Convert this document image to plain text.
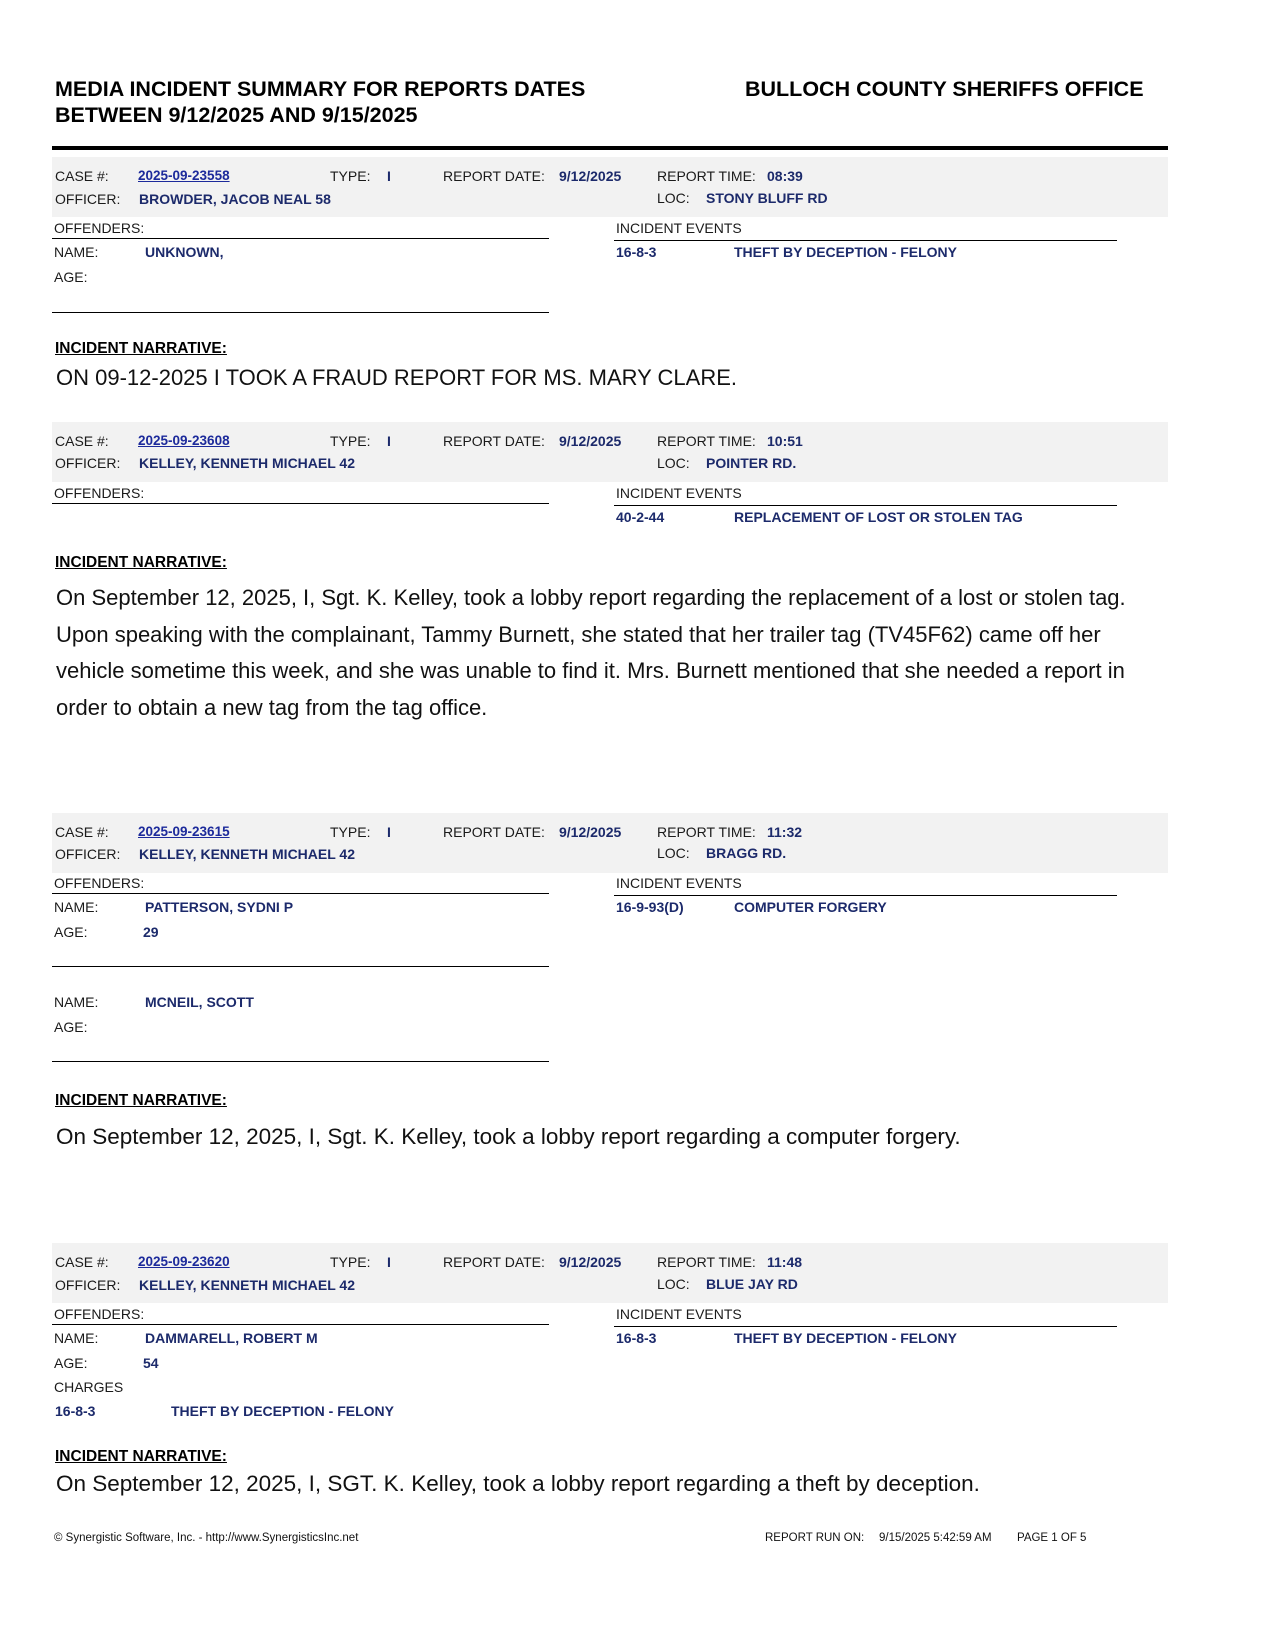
MEDIA INCIDENT SUMMARY FOR REPORTS DATES BETWEEN 9/12/2025 AND 9/15/2025
BULLOCH COUNTY SHERIFFS OFFICE
CASE #: 2025-09-23558	TYPE: I	REPORT DATE: 9/12/2025	REPORT TIME: 08:39
OFFICER: BROWDER, JACOB NEAL 58	LOC: STONY BLUFF RD
OFFENDERS:	INCIDENT EVENTS
NAME:	UNKNOWN,
AGE:
16-8-3	THEFT BY DECEPTION - FELONY
INCIDENT NARRATIVE:
ON 09-12-2025 I TOOK A FRAUD REPORT FOR MS. MARY CLARE.
CASE #: 2025-09-23608	TYPE: I	REPORT DATE: 9/12/2025	REPORT TIME: 10:51
OFFICER: KELLEY, KENNETH MICHAEL 42	LOC: POINTER RD.
OFFENDERS:	INCIDENT EVENTS
40-2-44	REPLACEMENT OF LOST OR STOLEN TAG
INCIDENT NARRATIVE:
On September 12, 2025, I, Sgt. K. Kelley, took a lobby report regarding the replacement of a lost or stolen tag. Upon speaking with the complainant, Tammy Burnett, she stated that her trailer tag (TV45F62) came off her vehicle sometime this week, and she was unable to find it. Mrs. Burnett mentioned that she needed a report in order to obtain a new tag from the tag office.
CASE #: 2025-09-23615	TYPE: I	REPORT DATE: 9/12/2025	REPORT TIME: 11:32
OFFICER: KELLEY, KENNETH MICHAEL 42	LOC: BRAGG RD.
OFFENDERS:	INCIDENT EVENTS
NAME:	PATTERSON, SYDNI P
AGE:	29
NAME:	MCNEIL, SCOTT
AGE:
16-9-93(D)	COMPUTER FORGERY
INCIDENT NARRATIVE:
On September 12, 2025, I, Sgt. K. Kelley, took a lobby report regarding a computer forgery.
CASE #: 2025-09-23620	TYPE: I	REPORT DATE: 9/12/2025	REPORT TIME: 11:48
OFFICER: KELLEY, KENNETH MICHAEL 42	LOC: BLUE JAY RD
OFFENDERS:	INCIDENT EVENTS
NAME:	DAMMARELL, ROBERT M
AGE:	54
CHARGES
16-8-3	THEFT BY DECEPTION - FELONY
16-8-3	THEFT BY DECEPTION - FELONY
INCIDENT NARRATIVE:
On September 12, 2025, I, SGT. K. Kelley, took a lobby report regarding a theft by deception.
© Synergistic Software, Inc. - http://www.SynergisticsInc.net	REPORT RUN ON: 9/15/2025 5:42:59 AM PAGE 1 OF 5
